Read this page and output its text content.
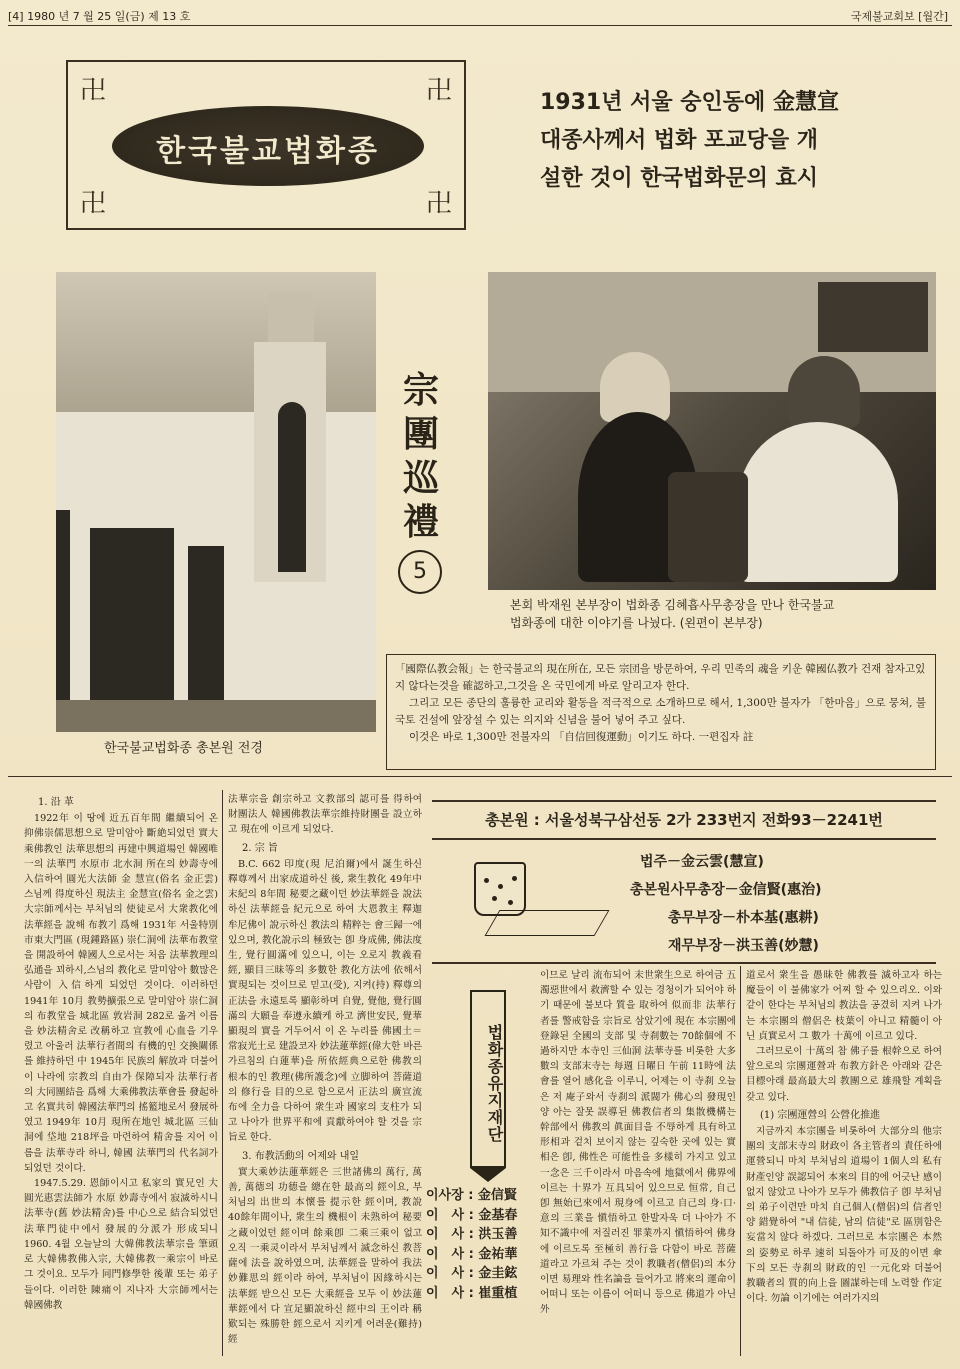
[4] 1980 년 7 월 25 일(금) 제 13 호	국제불교회보 [월간]
卍	卍
卍	卍
한국불교법화종
1931년 서울 숭인동에 金慧宣
대종사께서 법화 포교당을 개
설한 것이 한국법화문의 효시
宗團巡禮
5
본회 박재원 본부장이 법화종 김혜흡사무총장을 만나 한국불교
법화종에 대한 이야기를 나눴다. (왼편이 본부장)

「國際仏教会報」는 한국불교의 現在所在, 모든 宗団을 방문하여, 우리 민족의 魂을 키운 韓國仏教가 건재 참자고있지 않다는것을 確認하고,그것을 온 국민에게 바로 알리고자 한다.

그리고 모든 종단의 훌륭한 교리와 활동을 적극적으로 소개하므로 해서, 1,300만 불자가 「한마음」으로 뭉쳐, 불국토 건설에 앞장설 수 있는 의지와 신념을 불어 넣어 주고 싶다.

이것은 바로 1,300만 전불자의 「自信回復運動」이기도 하다. 一편집자 註

한국불교법화종 총본원 전경
1. 沿 革

1922年 이 땅에 近五百年間 繼續되어 온 抑佛崇儒思想으로 말미암아 斷絶되었던 實大乘佛教인 法華思想의 再建中興道場인 韓國唯一의 法華門 水原市 北水洞 所在의 妙壽寺에 入信하여 圓光大法師 金 慧宣(俗名 金正雲) 스님께 得度하신 現法主 金慧宣(俗名 金之雲) 大宗師께서는 부처님의 使徒로서 大衆教化에 法華經을 說해 布教기 爲해 1931年 서울特別市東大門區 (現鍾路區) 崇仁洞에 法華布教堂을 開設하여 韓國人으로서는 처음 法華教理의 弘通을 꾀하시,스님의 教化로 말미암아 數많은 사람이 入信하게 되었던 것이다. 이러하던 1941年 10月 教勢擴張으로 말미암아 崇仁洞의 布教堂을 城北區 敦岩洞 282로 옮겨 이름을 妙法精舍로 改稱하고 宣教에 心血을 기우렸고 아울러 法華行者間의 有機的인 交換關係를 維持하던 中 1945年 民族의 解放과 더불어 이 나라에 宗教의 自由가 保障되자 法華行者의 大同團結을 爲해 大乘佛教法華會를 發起하고 名實共히 韓國法華門의 搖籃地로서 發展하였고 1949年 10月 現所在地인 城北區 三仙洞에 垈地 218坪을 마련하여 精舍를 지어 이름을 法華寺라 하니, 韓國 法華門의 代名詞가 되었던 것이다.

1947.5.29. 恩師이시고 私家의 實兄인 大圓光惠雲法師가 水原 妙壽寺에서 寂滅하시니 法華寺(舊 妙法精舍)를 中心으로 結合되었던 法華門徒中에서 發展的分派가 形成되니 1960. 4월 오늘날의 大韓佛教法華宗을 筆頭로 大韓佛教佛入宗, 大韓佛教一乘宗이 바로 그 것이요. 모두가 同門修學한 後輩 또는 弟子들이다. 이러한 陳痛이 지나자 大宗師께서는 韓國佛教

法華宗을 創宗하고 文教部의 認可를 得하여 財團法人 韓國佛教法華宗維持財團을 設立하고 現在에 이르게 되었다.

2. 宗 旨

B.C. 662 印度(現 尼泊爾)에서 誕生하신 釋尊께서 出家成道하신 後, 衆生教化 49年中 末紀의 8年間 秘要之藏이던 妙法華經을 說法하신 法華經을 紀元으로 하여 大恩教主 釋迦牟尼佛이 說示하신 教法의 精粹는 會三歸一에 있으며, 教化說示의 極致는 卽 身成佛, 佛法度生, 覺行圓滿에 있으니, 이는 오로지 教義看經, 顯目三昧等의 多數한 教化方法에 依해서 實現되는 것이므로 믿고(受), 지켜(持) 釋尊의 正法을 永遠토록 顯彰하며 自覺, 覺他, 覺行圓滿의 大願을 奉遵永續케 하고 濟世安民, 覺華顯現의 實을 거두어서 이 온 누리를 佛國土＝常寂光土로 建設코자 妙法蓮華經(偉大한 바른 가르침의 白蓮華)을 所依經典으로한 佛教의 根本的인 教理(佛所護念)에 立脚하여 菩薩道의 修行을 目的으로 함으로서 正法의 廣宣流布에 全力을 다하여 衆生과 國家의 支柱가 되고 나아가 世界平和에 貢獻하여야 할 것을 宗旨로 한다.

3. 布教活動의 어제와 내일

實大乘妙法蓮華經은 三世諸佛의 萬行, 萬善, 萬德의 功德을 總在한 最高의 經이요, 부처님의 出世의 本懷를 提示한 經이며, 教說 40餘年間이나, 衆生의 機根이 未熟하여 秘要之藏이었던 經이며 餘乘卽 二乘三乘이 없고 오직 一乘灵이라서 부처님께서 滅念하신 教菩薩에 法을 說하였으며, 法華經을 말하여 我法妙難思의 經이라 하여, 부처님이 因緣하시는 法華經 받으신 모든 大乘經을 모두 이 妙法蓮華經에서 다 宣足顯說하신 經中의 王이라 稱歎되는 殊勝한 經으로서 지키게 어려운(難持) 經

총본원 : 서울성북구삼선동 2가 233번지 전화93－2241번
법주－金云雲(慧宣)
총본원사무총장－金信賢(惠治)
총무부장－朴本基(惠耕)
재무부장－洪玉善(妙慧)
법화종유지재단
이사장 : 金信賢
이　사 : 金基春
이　사 : 洪玉善
이　사 : 金祐華
이　사 : 金圭鉉
이　사 : 崔重植

이므로 날리 流布되어 末世衆生으로 하여금 五濁惡世에서 救濟할 수 있는 경청이가 되어야 하기 때문에 불보다 質을 取하여 似而非 法華行者를 警戒함을 宗旨로 삼았기에 現在 本宗團에 登錄된 全國의 支部 및 寺刹數는 70餘個에 不過하지만 本寺인 三仙洞 法華寺를 비롯한 大多數의 支部末寺는 每週 日曜日 午前 11時에 法會를 열어 感化을 이루니, 어제는 이 寺刹 오늘은 저 庵子와서 寺刹의 派閥가 佛心의 發現인양 아는 잘못 誤導된 佛教信者의 集散機構는 幹部에서 佛教의 眞面目을 不辱하게 具有하고 形相과 겉치 보이지 않는 깊숙한 곳에 있는 實相은 卽, 佛性은 可能性을 多樣히 가지고 있고 一念은 三千이라서 마음속에 地獄에서 佛界에 이르는 十界가 互具되어 있으므로 恒常, 自己 卽 無始已來에서 現身에 이르고 自己의 身·口·意의 三業을 愼悟하고 한발자욱 더 나아가 不知不識中에 저질러진 罪業까지 愼悟하여 佛身에 이르도록 至極히 善行을 다함이 바로 菩薩道라고 가르쳐 주는 것이 教職者(僧侶)의 本分이면 易理와 性名論을 들어가고 將來의 運命이 어떠니 또는 이름이 어떠니 등으로 佛道가 아닌 外

道로서 衆生을 愚昧한 佛教를 滅하고자 하는 魔들이 이 불佛家가 어찌 할 수 있으리오. 이와 같이 한다는 부처님의 教法을 공겼히 지켜 나가는 本宗團의 僧侶은 枝葉이 아니고 精髓이 아닌 貞實로서 그 數가 十萬에 이르고 있다.

그러므로이 十萬의 참 佛子를 根幹으로 하여 앞으로의 宗團運營과 布教方針은 아래와 같은 目標아래 最高最大의 教團으로 雄飛할 계획을 갖고 있다.

(1) 宗團運營의 公營化推進

지금까지 本宗團을 비롯하여 大部分의 他宗團의 支部末寺의 財政이 各主管者의 責任하에 運營되니 마치 부처님의 道場이 1個人의 私有財產인양 誤認되어 本來의 目的에 어긋난 感이 없지 않았고 나아가 모두가 佛教信子 卽 부처님의 弟子이련만 마치 自己個人(僧侶)의 信者인양 錯覺하여 "내 信徒, 남의 信徒"로 區別함은 妄當치 않다 하겠다. 그러므로 本宗團은 本然의 姿勢로 하루 速히 되돌아가 可及的이면 傘下의 모든 寺刹의 財政的인 一元化와 더불어 教職者의 質的向上을 圖謀하는데 노력할 作定이다. 勿論 이기에는 여러가지의
